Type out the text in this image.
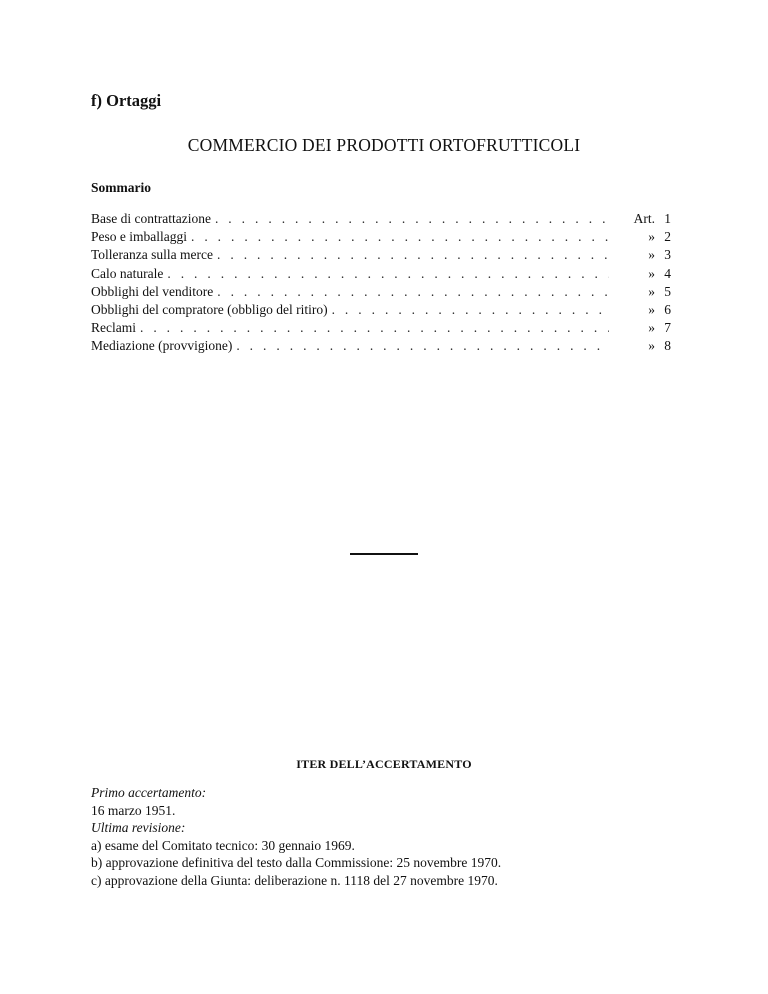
f) Ortaggi
COMMERCIO DEI PRODOTTI ORTOFRUTTICOLI
Sommario
Base di contrattazione . . .	Art. 1
Peso e imballaggi . . .	» 2
Tolleranza sulla merce . . .	» 3
Calo naturale . . .	» 4
Obblighi del venditore . . .	» 5
Obblighi del compratore (obbligo del ritiro) . . .	» 6
Reclami . . .	» 7
Mediazione (provvigione) . . .	» 8
ITER DELL’ACCERTAMENTO
Primo accertamento:
16 marzo 1951.
Ultima revisione:
a) esame del Comitato tecnico: 30 gennaio 1969.
b) approvazione definitiva del testo dalla Commissione: 25 novembre 1970.
c) approvazione della Giunta: deliberazione n. 1118 del 27 novembre 1970.
